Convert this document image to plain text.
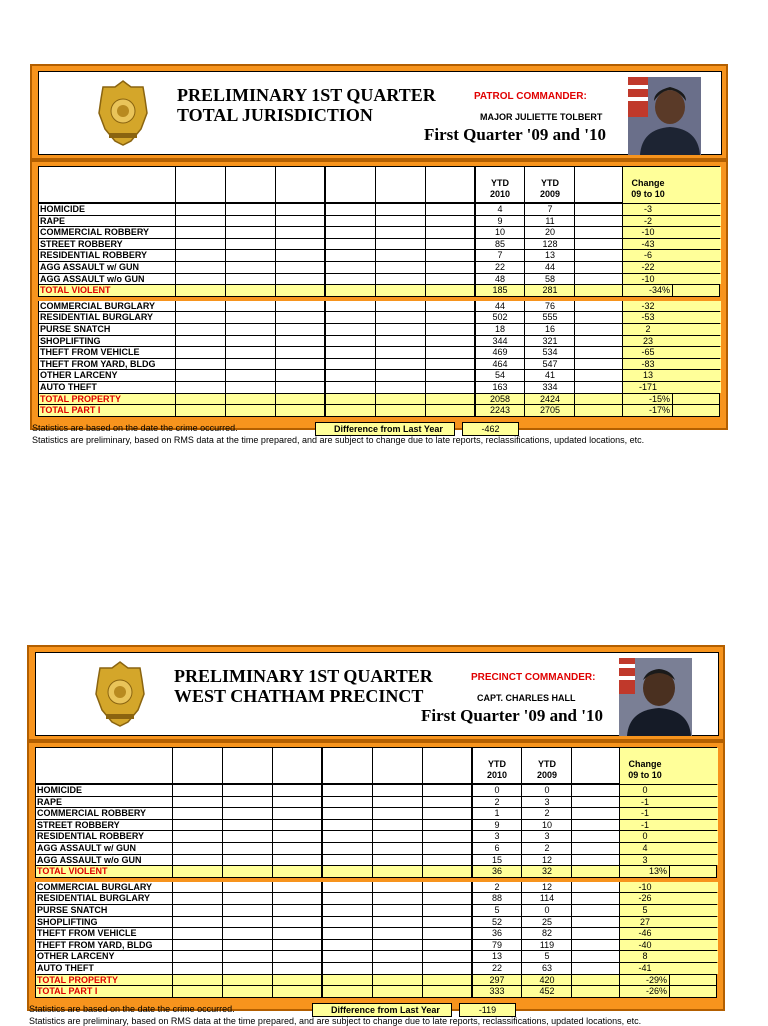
PRELIMINARY 1ST QUARTER
TOTAL JURISDICTION
PATROL COMMANDER:
MAJOR JULIETTE TOLBERT
First Quarter '09 and '10
YTD
2010
YTD
2009
Change
09 to 10
HOMICIDE	4	7	-3
RAPE	9	11	-2
COMMERCIAL ROBBERY	10	20	-10
STREET ROBBERY	85	128	-43
RESIDENTIAL ROBBERY	7	13	-6
AGG ASSAULT w/ GUN	22	44	-22
AGG ASSAULT w/o GUN	48	58	-10
TOTAL VIOLENT	185	281	-34%
COMMERCIAL BURGLARY	44	76	-32
RESIDENTIAL BURGLARY	502	555	-53
PURSE SNATCH	18	16	2
SHOPLIFTING	344	321	23
THEFT FROM VEHICLE	469	534	-65
THEFT FROM YARD, BLDG	464	547	-83
OTHER LARCENY	54	41	13
AUTO THEFT	163	334	-171
TOTAL PROPERTY	2058	2424	-15%
TOTAL PART I	2243	2705	-17%
Statistics are based on the date the crime occurred.	Difference from Last Year	-462
Statistics are preliminary, based on RMS data at the time prepared, and are subject to change due to late reports, reclassifications, updated locations, etc.
PRELIMINARY 1ST QUARTER
WEST CHATHAM PRECINCT
PRECINCT COMMANDER:
CAPT. CHARLES HALL
First Quarter '09 and '10
YTD
2010
YTD
2009
Change
09 to 10
HOMICIDE	0	0	0
RAPE	2	3	-1
COMMERCIAL ROBBERY	1	2	-1
STREET ROBBERY	9	10	-1
RESIDENTIAL ROBBERY	3	3	0
AGG ASSAULT w/ GUN	6	2	4
AGG ASSAULT w/o GUN	15	12	3
TOTAL VIOLENT	36	32	13%
COMMERCIAL BURGLARY	2	12	-10
RESIDENTIAL BURGLARY	88	114	-26
PURSE SNATCH	5	0	5
SHOPLIFTING	52	25	27
THEFT FROM VEHICLE	36	82	-46
THEFT FROM YARD, BLDG	79	119	-40
OTHER LARCENY	13	5	8
AUTO THEFT	22	63	-41
TOTAL PROPERTY	297	420	-29%
TOTAL PART I	333	452	-26%
Statistics are based on the date the crime occurred.	Difference from Last Year	-119
Statistics are preliminary, based on RMS data at the time prepared, and are subject to change due to late reports, reclassifications, updated locations, etc.
